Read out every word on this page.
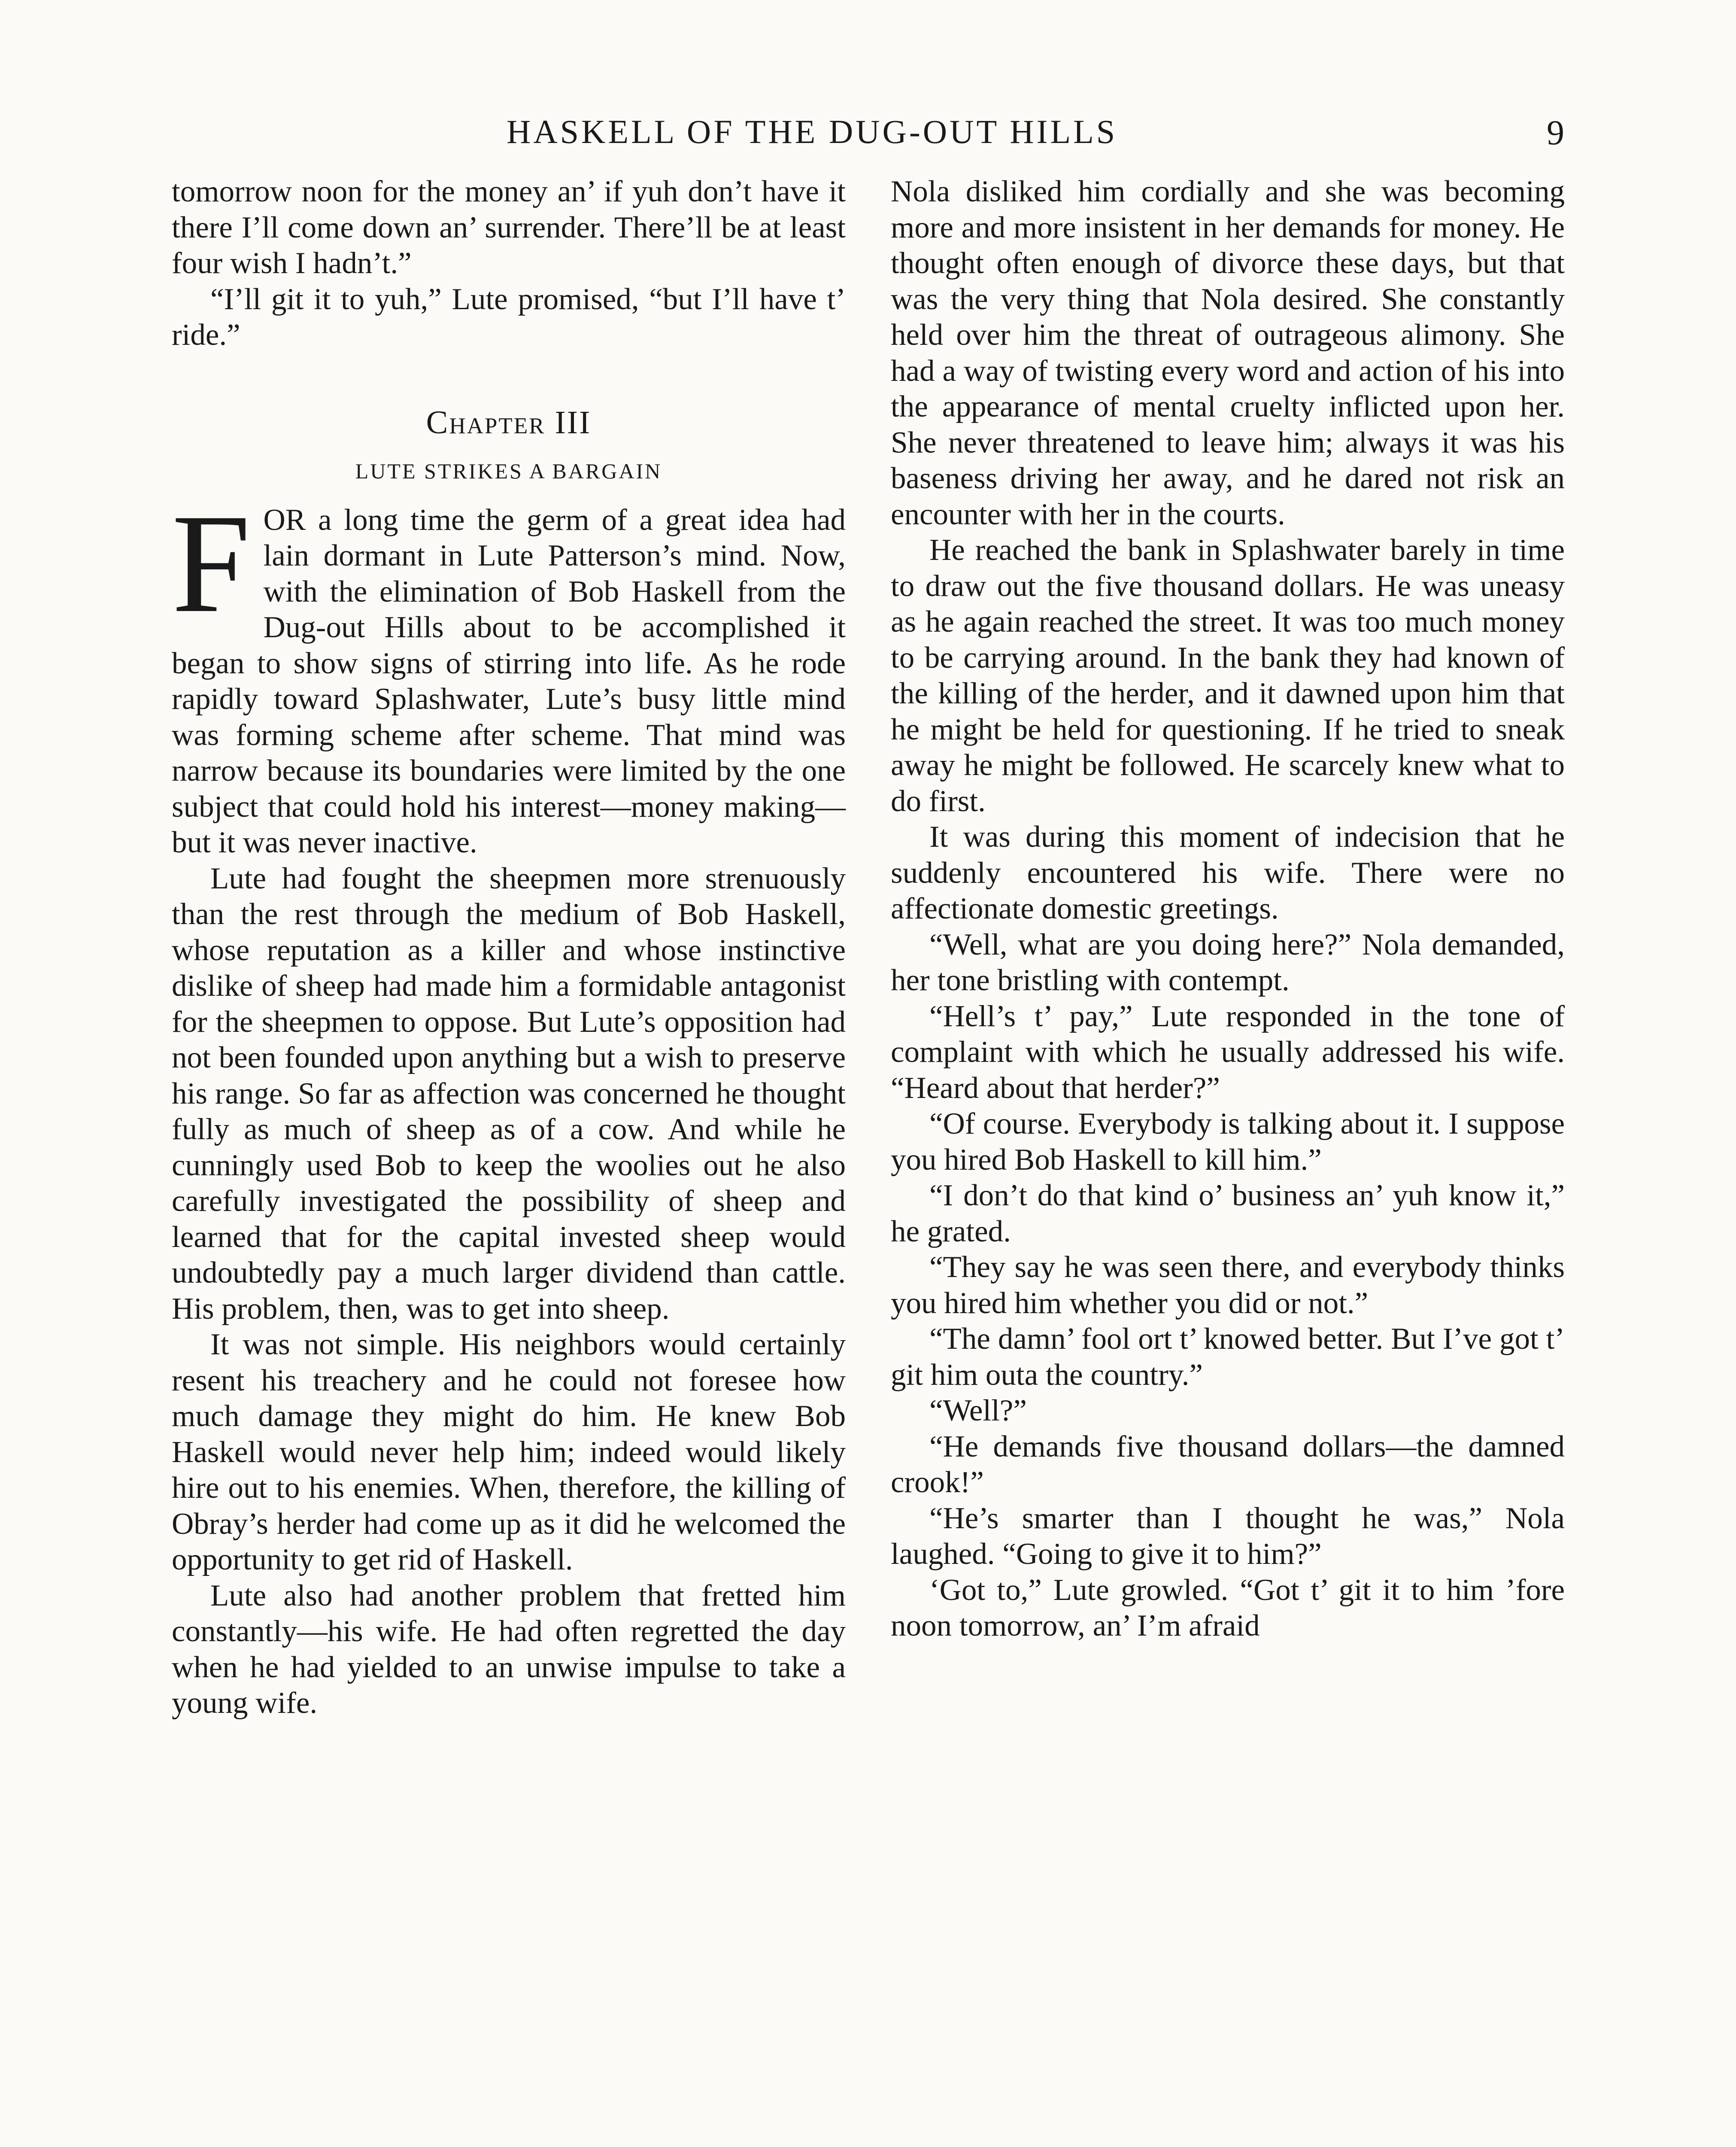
HASKELL OF THE DUG-OUT HILLS	9

tomorrow noon for the money an’ if yuh don’t have it there I’ll come down an’ surrender. There’ll be at least four wish I hadn’t.”

“I’ll git it to yuh,” Lute promised, “but I’ll have t’ ride.”

Chapter III
LUTE STRIKES A BARGAIN

FOR a long time the germ of a great idea had lain dormant in Lute Patterson’s mind. Now, with the elimination of Bob Haskell from the Dug-out Hills about to be accomplished it began to show signs of stirring into life. As he rode rapidly toward Splashwater, Lute’s busy little mind was forming scheme after scheme. That mind was narrow because its boundaries were limited by the one subject that could hold his interest—money making—but it was never inactive.

Lute had fought the sheepmen more strenuously than the rest through the medium of Bob Haskell, whose reputation as a killer and whose instinctive dislike of sheep had made him a formidable antagonist for the sheepmen to oppose. But Lute’s opposition had not been founded upon anything but a wish to preserve his range. So far as affection was concerned he thought fully as much of sheep as of a cow. And while he cunningly used Bob to keep the woolies out he also carefully investigated the possibility of sheep and learned that for the capital invested sheep would undoubtedly pay a much larger dividend than cattle. His problem, then, was to get into sheep.

It was not simple. His neighbors would certainly resent his treachery and he could not foresee how much damage they might do him. He knew Bob Haskell would never help him; indeed would likely hire out to his enemies. When, therefore, the killing of Obray’s herder had come up as it did he welcomed the opportunity to get rid of Haskell.

Lute also had another problem that fretted him constantly—his wife. He had often regretted the day when he had yielded to an unwise impulse to take a young wife.

Nola disliked him cordially and she was becoming more and more insistent in her demands for money. He thought often enough of divorce these days, but that was the very thing that Nola desired. She constantly held over him the threat of outrageous alimony. She had a way of twisting every word and action of his into the appearance of mental cruelty inflicted upon her. She never threatened to leave him; always it was his baseness driving her away, and he dared not risk an encounter with her in the courts.

He reached the bank in Splashwater barely in time to draw out the five thousand dollars. He was uneasy as he again reached the street. It was too much money to be carrying around. In the bank they had known of the killing of the herder, and it dawned upon him that he might be held for questioning. If he tried to sneak away he might be followed. He scarcely knew what to do first.

It was during this moment of indecision that he suddenly encountered his wife. There were no affectionate domestic greetings.

“Well, what are you doing here?” Nola demanded, her tone bristling with contempt.

“Hell’s t’ pay,” Lute responded in the tone of complaint with which he usually addressed his wife. “Heard about that herder?”

“Of course. Everybody is talking about it. I suppose you hired Bob Haskell to kill him.”

“I don’t do that kind o’ business an’ yuh know it,” he grated.

“They say he was seen there, and everybody thinks you hired him whether you did or not.”

“The damn’ fool ort t’ knowed better. But I’ve got t’ git him outa the country.”

“Well?”

“He demands five thousand dollars—the damned crook!”

“He’s smarter than I thought he was,” Nola laughed. “Going to give it to him?”

‘Got to,” Lute growled. “Got t’ git it to him ’fore noon tomorrow, an’ I’m afraid
